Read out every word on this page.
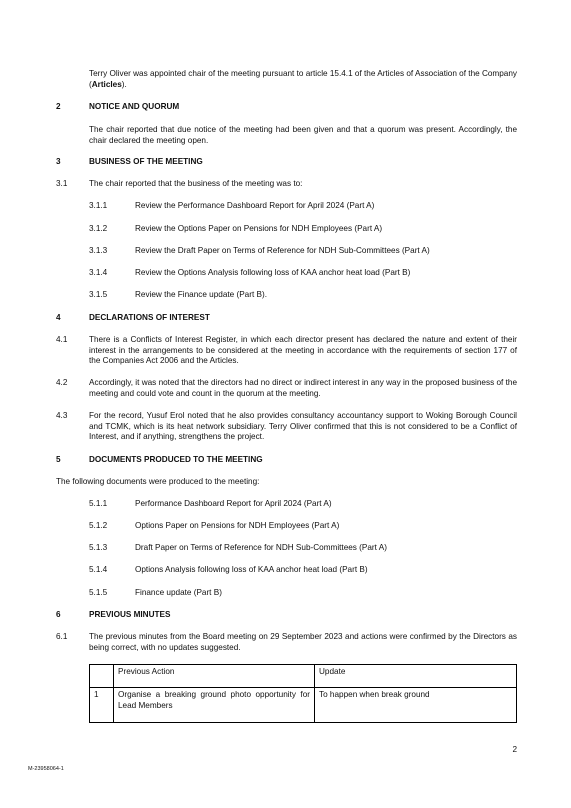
Terry Oliver was appointed chair of the meeting pursuant to article 15.4.1 of the Articles of Association of the Company (Articles).
2	NOTICE AND QUORUM
The chair reported that due notice of the meeting had been given and that a quorum was present. Accordingly, the chair declared the meeting open.
3	BUSINESS OF THE MEETING
3.1	The chair reported that the business of the meeting was to:
3.1.1	Review the Performance Dashboard Report for April 2024 (Part A)
3.1.2	Review the Options Paper on Pensions for NDH Employees (Part A)
3.1.3	Review the Draft Paper on Terms of Reference for NDH Sub-Committees (Part A)
3.1.4	Review the Options Analysis following loss of KAA anchor heat load (Part B)
3.1.5	Review the Finance update (Part B).
4	DECLARATIONS OF INTEREST
4.1	There is a Conflicts of Interest Register, in which each director present has declared the nature and extent of their interest in the arrangements to be considered at the meeting in accordance with the requirements of section 177 of the Companies Act 2006 and the Articles.
4.2	Accordingly, it was noted that the directors had no direct or indirect interest in any way in the proposed business of the meeting and could vote and count in the quorum at the meeting.
4.3	For the record, Yusuf Erol noted that he also provides consultancy accountancy support to Woking Borough Council and TCMK, which is its heat network subsidiary. Terry Oliver confirmed that this is not considered to be a Conflict of Interest, and if anything, strengthens the project.
5	DOCUMENTS PRODUCED TO THE MEETING
The following documents were produced to the meeting:
5.1.1	Performance Dashboard Report for April 2024 (Part A)
5.1.2	Options Paper on Pensions for NDH Employees (Part A)
5.1.3	Draft Paper on Terms of Reference for NDH Sub-Committees (Part A)
5.1.4	Options Analysis following loss of KAA anchor heat load (Part B)
5.1.5	Finance update (Part B)
6	PREVIOUS MINUTES
6.1	The previous minutes from the Board meeting on 29 September 2023 and actions were confirmed by the Directors as being correct, with no updates suggested.
	Previous Action	Update
1	Organise a breaking ground photo opportunity for Lead Members	To happen when break ground
2
M-23958064-1
